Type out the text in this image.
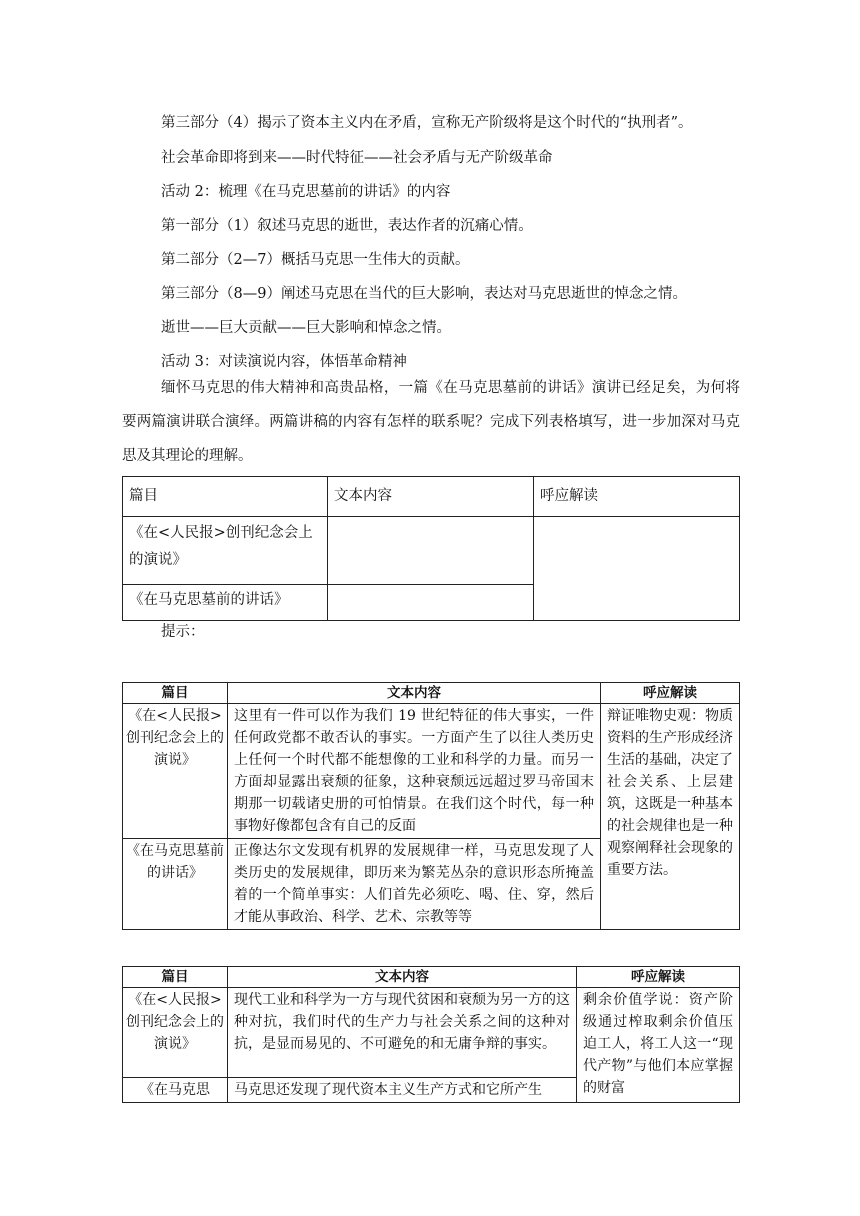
第三部分（4）揭示了资本主义内在矛盾，宣称无产阶级将是这个时代的“执刑者”。
社会革命即将到来——时代特征——社会矛盾与无产阶级革命
活动 2：梳理《在马克思墓前的讲话》的内容
第一部分（1）叙述马克思的逝世，表达作者的沉痛心情。
第二部分（2—7）概括马克思一生伟大的贡献。
第三部分（8—9）阐述马克思在当代的巨大影响，表达对马克思逝世的悼念之情。
逝世——巨大贡献——巨大影响和悼念之情。
活动 3：对读演说内容，体悟革命精神
缅怀马克思的伟大精神和高贵品格，一篇《在马克思墓前的讲话》演讲已经足矣，为何将要两篇演讲联合演绎。两篇讲稿的内容有怎样的联系呢？完成下列表格填写，进一步加深对马克思及其理论的理解。
篇目	文本内容	呼应解读
《在<人民报>创刊纪念会上的演说》		
《在马克思墓前的讲话》		
提示：
篇目	文本内容	呼应解读
《在<人民报>创刊纪念会上的演说》	这里有一件可以作为我们 19 世纪特征的伟大事实，一件任何政党都不敢否认的事实。一方面产生了以往人类历史上任何一个时代都不能想像的工业和科学的力量。而另一方面却显露出衰颓的征象，这种衰颓远远超过罗马帝国末期那一切载诸史册的可怕情景。在我们这个时代，每一种事物好像都包含有自己的反面	辩证唯物史观：物质资料的生产形成经济生活的基础，决定了社会关系、上层建筑，这既是一种基本的社会规律也是一种观察阐释社会现象的重要方法。
《在马克思墓前的讲话》	正像达尔文发现有机界的发展规律一样，马克思发现了人类历史的发展规律，即历来为繁芜丛杂的意识形态所掩盖着的一个简单事实：人们首先必须吃、喝、住、穿，然后才能从事政治、科学、艺术、宗教等等	
篇目	文本内容	呼应解读
《在<人民报>创刊纪念会上的演说》	现代工业和科学为一方与现代贫困和衰颓为另一方的这种对抗，我们时代的生产力与社会关系之间的这种对抗，是显而易见的、不可避免的和无庸争辩的事实。	剩余价值学说：资产阶级通过榨取剩余价值压迫工人，将工人这一“现代产物”与他们本应掌握的财富
《在马克思	马克思还发现了现代资本主义生产方式和它所产生	
